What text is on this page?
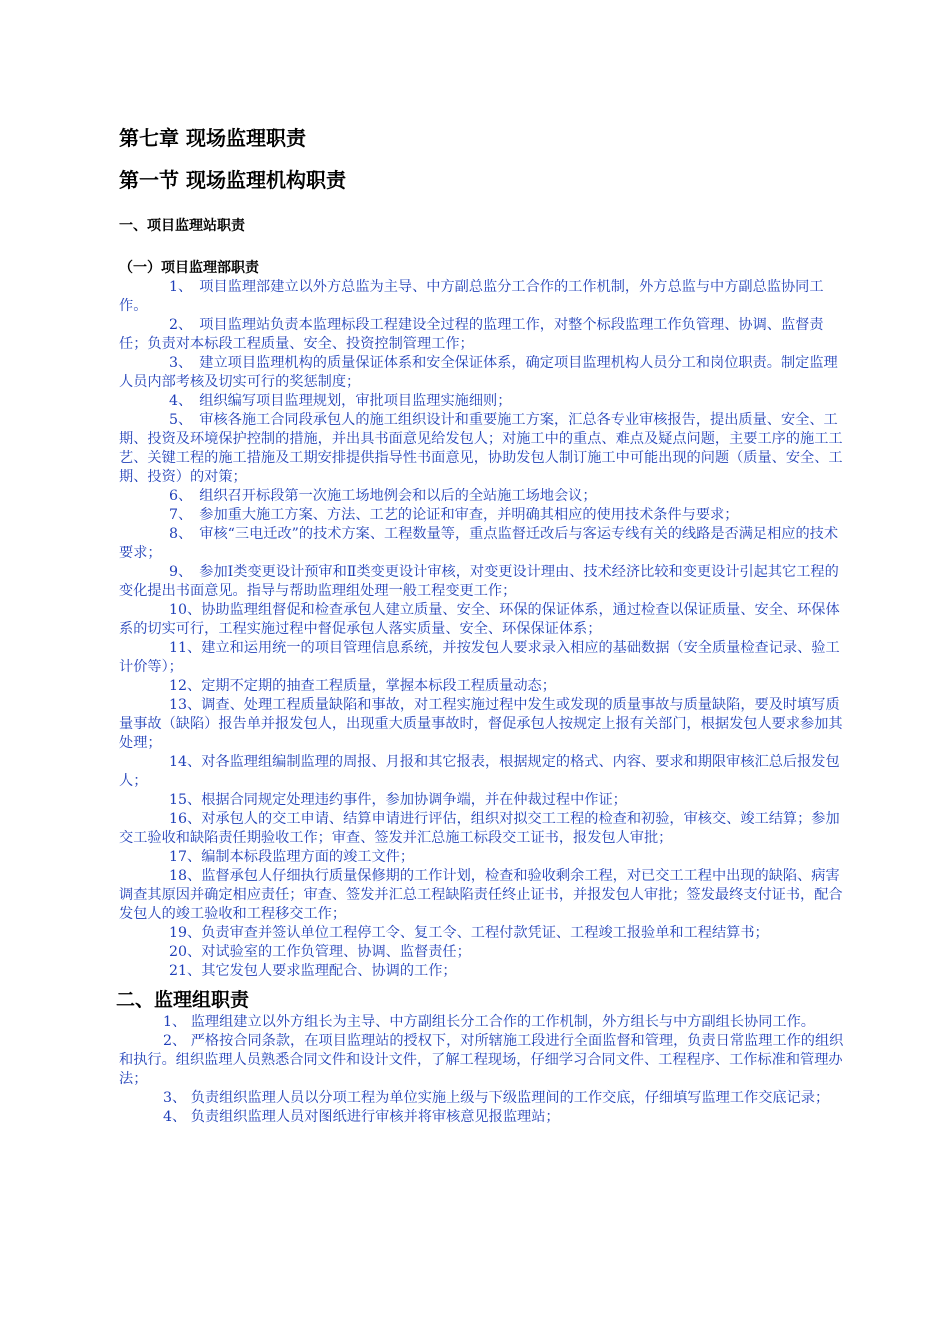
第七章 现场监理职责
第一节 现场监理机构职责
一、项目监理站职责
（一）项目监理部职责

1、　项目监理部建立以外方总监为主导、中方副总监分工合作的工作机制，外方总监与中方副总监协同工作。

2、　项目监理站负责本监理标段工程建设全过程的监理工作，对整个标段监理工作负管理、协调、监督责任；负责对本标段工程质量、安全、投资控制管理工作；

3、　建立项目监理机构的质量保证体系和安全保证体系，确定项目监理机构人员分工和岗位职责。制定监理人员内部考核及切实可行的奖惩制度；

4、　组织编写项目监理规划，审批项目监理实施细则；

5、　审核各施工合同段承包人的施工组织设计和重要施工方案，汇总各专业审核报告，提出质量、安全、工期、投资及环境保护控制的措施，并出具书面意见给发包人；对施工中的重点、难点及疑点问题，主要工序的施工工艺、关键工程的施工措施及工期安排提供指导性书面意见，协助发包人制订施工中可能出现的问题（质量、安全、工期、投资）的对策；

6、　组织召开标段第一次施工场地例会和以后的全站施工场地会议；

7、　参加重大施工方案、方法、工艺的论证和审查，并明确其相应的使用技术条件与要求；

8、　审核“三电迁改”的技术方案、工程数量等，重点监督迁改后与客运专线有关的线路是否满足相应的技术要求；

9、　参加Ⅰ类变更设计预审和Ⅱ类变更设计审核，对变更设计理由、技术经济比较和变更设计引起其它工程的变化提出书面意见。指导与帮助监理组处理一般工程变更工作；

10、协助监理组督促和检查承包人建立质量、安全、环保的保证体系，通过检查以保证质量、安全、环保体系的切实可行，工程实施过程中督促承包人落实质量、安全、环保保证体系；

11、建立和运用统一的项目管理信息系统，并按发包人要求录入相应的基础数据（安全质量检查记录、验工计价等）；

12、定期不定期的抽查工程质量，掌握本标段工程质量动态；

13、调查、处理工程质量缺陷和事故，对工程实施过程中发生或发现的质量事故与质量缺陷，要及时填写质量事故（缺陷）报告单并报发包人，出现重大质量事故时，督促承包人按规定上报有关部门，根据发包人要求参加其处理；

14、对各监理组编制监理的周报、月报和其它报表，根据规定的格式、内容、要求和期限审核汇总后报发包人；

15、根据合同规定处理违约事件，参加协调争端，并在仲裁过程中作证；

16、对承包人的交工申请、结算申请进行评估，组织对拟交工工程的检查和初验，审核交、竣工结算；参加交工验收和缺陷责任期验收工作；审查、签发并汇总施工标段交工证书，报发包人审批；

17、编制本标段监理方面的竣工文件；

18、监督承包人仔细执行质量保修期的工作计划，检查和验收剩余工程，对已交工工程中出现的缺陷、病害调查其原因并确定相应责任；审查、签发并汇总工程缺陷责任终止证书，并报发包人审批；签发最终支付证书，配合发包人的竣工验收和工程移交工作；

19、负责审查并签认单位工程停工令、复工令、工程付款凭证、工程竣工报验单和工程结算书；

20、对试验室的工作负管理、协调、监督责任；

21、其它发包人要求监理配合、协调的工作；

二、监理组职责

1、 监理组建立以外方组长为主导、中方副组长分工合作的工作机制，外方组长与中方副组长协同工作。

2、 严格按合同条款，在项目监理站的授权下，对所辖施工段进行全面监督和管理，负责日常监理工作的组织和执行。组织监理人员熟悉合同文件和设计文件，了解工程现场，仔细学习合同文件、工程程序、工作标准和管理办法；

3、 负责组织监理人员以分项工程为单位实施上级与下级监理间的工作交底，仔细填写监理工作交底记录；

4、 负责组织监理人员对图纸进行审核并将审核意见报监理站；
